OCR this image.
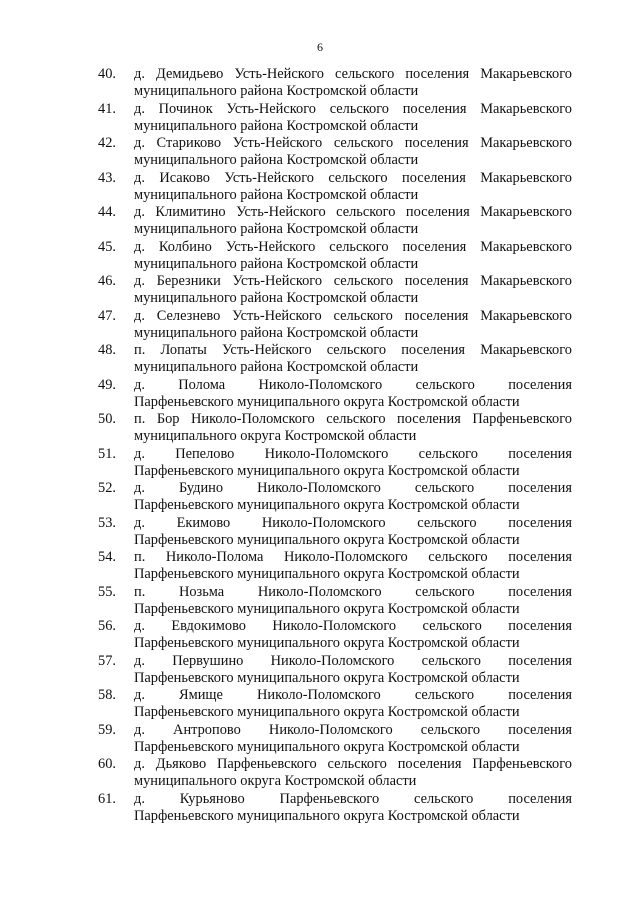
6
40. д. Демидьево Усть-Нейского сельского поселения Макарьевского
муниципального района Костромской области
41. д. Починок Усть-Нейского сельского поселения Макарьевского
муниципального района Костромской области
42. д. Стариково Усть-Нейского сельского поселения Макарьевского
муниципального района Костромской области
43. д. Исаково Усть-Нейского сельского поселения Макарьевского
муниципального района Костромской области
44. д. Климитино Усть-Нейского сельского поселения Макарьевского
муниципального района Костромской области
45. д. Колбино Усть-Нейского сельского поселения Макарьевского
муниципального района Костромской области
46. д. Березники Усть-Нейского сельского поселения Макарьевского
муниципального района Костромской области
47. д. Селезнево Усть-Нейского сельского поселения Макарьевского
муниципального района Костромской области
48. п. Лопаты Усть-Нейского сельского поселения Макарьевского
муниципального района Костромской области
49. д. Полома Николо-Поломского сельского поселения
Парфеньевского муниципального округа Костромской области
50. п. Бор Николо-Поломского сельского поселения Парфеньевского
муниципального округа Костромской области
51. д. Пепелово Николо-Поломского сельского поселения
Парфеньевского муниципального округа Костромской области
52. д. Будино Николо-Поломского сельского поселения
Парфеньевского муниципального округа Костромской области
53. д. Екимово Николо-Поломского сельского поселения
Парфеньевского муниципального округа Костромской области
54. п. Николо-Полома Николо-Поломского сельского поселения
Парфеньевского муниципального округа Костромской области
55. п. Нозьма Николо-Поломского сельского поселения
Парфеньевского муниципального округа Костромской области
56. д. Евдокимово Николо-Поломского сельского поселения
Парфеньевского муниципального округа Костромской области
57. д. Первушино Николо-Поломского сельского поселения
Парфеньевского муниципального округа Костромской области
58. д. Ямище Николо-Поломского сельского поселения
Парфеньевского муниципального округа Костромской области
59. д. Антропово Николо-Поломского сельского поселения
Парфеньевского муниципального округа Костромской области
60. д. Дьяково Парфеньевского сельского поселения Парфеньевского
муниципального округа Костромской области
61. д. Курьяново Парфеньевского сельского поселения
Парфеньевского муниципального округа Костромской области
